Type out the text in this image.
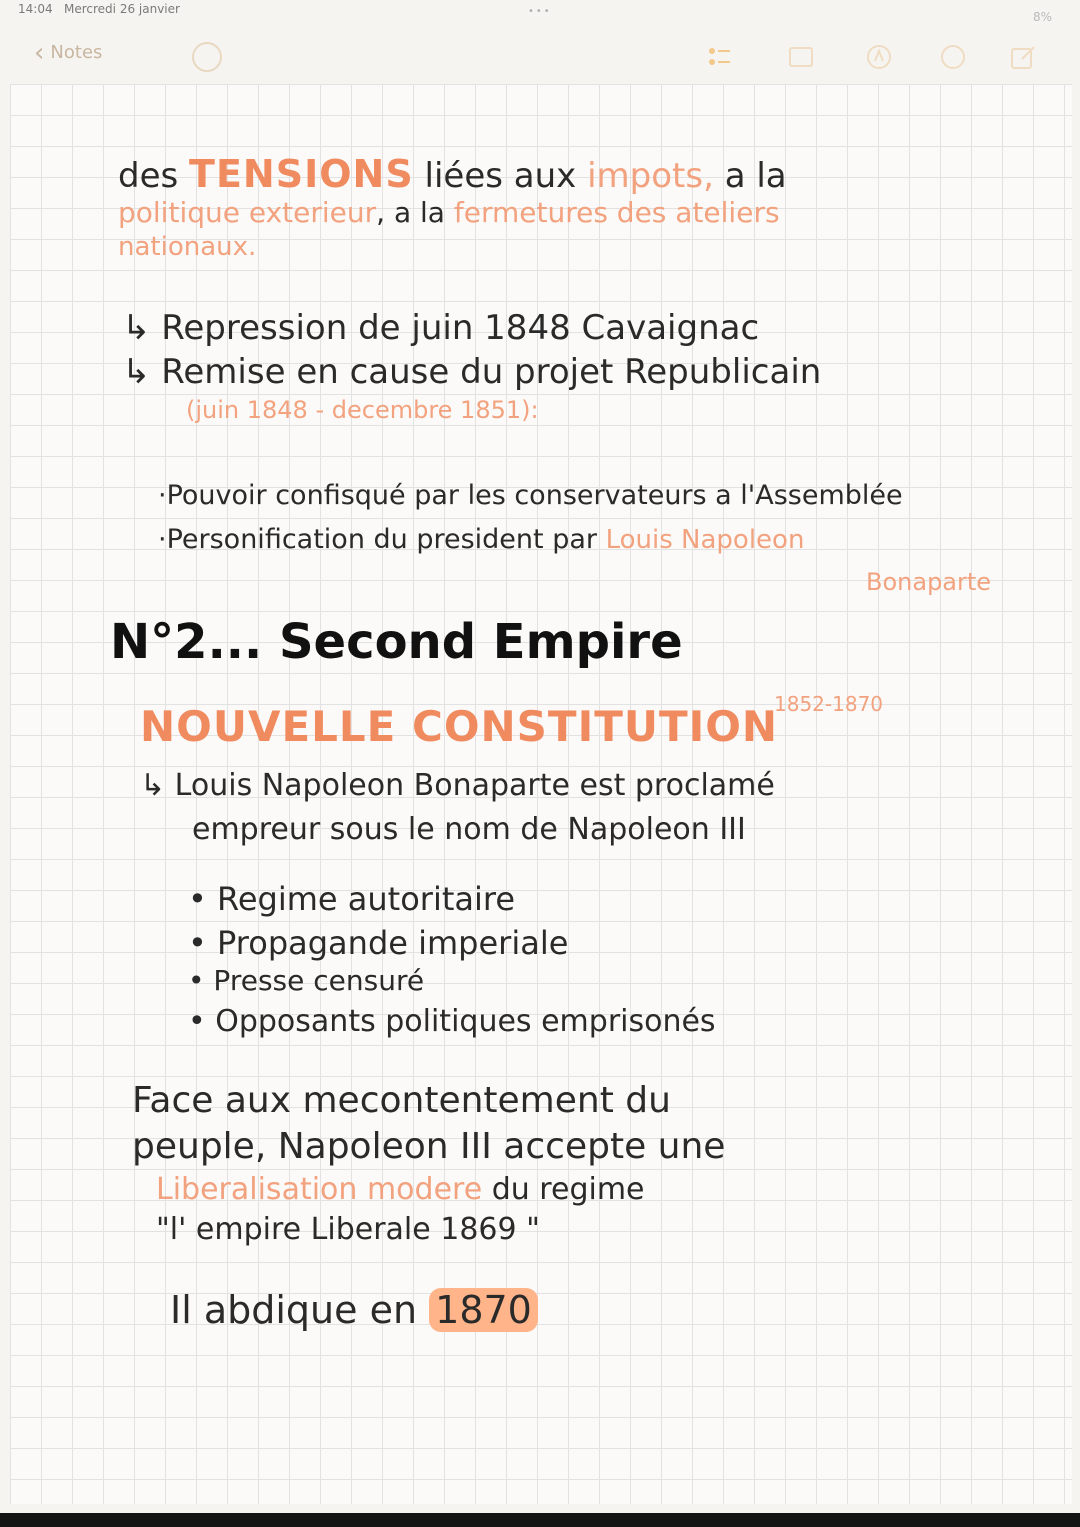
14:04 Mercredi 26 janvier	•••	8%
‹ Notes
des TENSIONS liées aux impots, a la
politique exterieur, a la fermetures des ateliers
nationaux.
↳ Repression de juin 1848 Cavaignac
↳ Remise en cause du projet Republicain
(juin 1848 - decembre 1851):
·Pouvoir confisqué par les conservateurs a l'Assemblée
·Personification du president par Louis Napoleon
Bonaparte
N°2... Second Empire
NOUVELLE CONSTITUTION
1852-1870
↳ Louis Napoleon Bonaparte est proclamé
empreur sous le nom de Napoleon III
• Regime autoritaire
• Propagande imperiale
• Presse censuré
• Opposants politiques emprisonés
Face aux mecontentement du
peuple, Napoleon III accepte une
Liberalisation modere du regime
"l' empire Liberale 1869 "
Il abdique en 1870
